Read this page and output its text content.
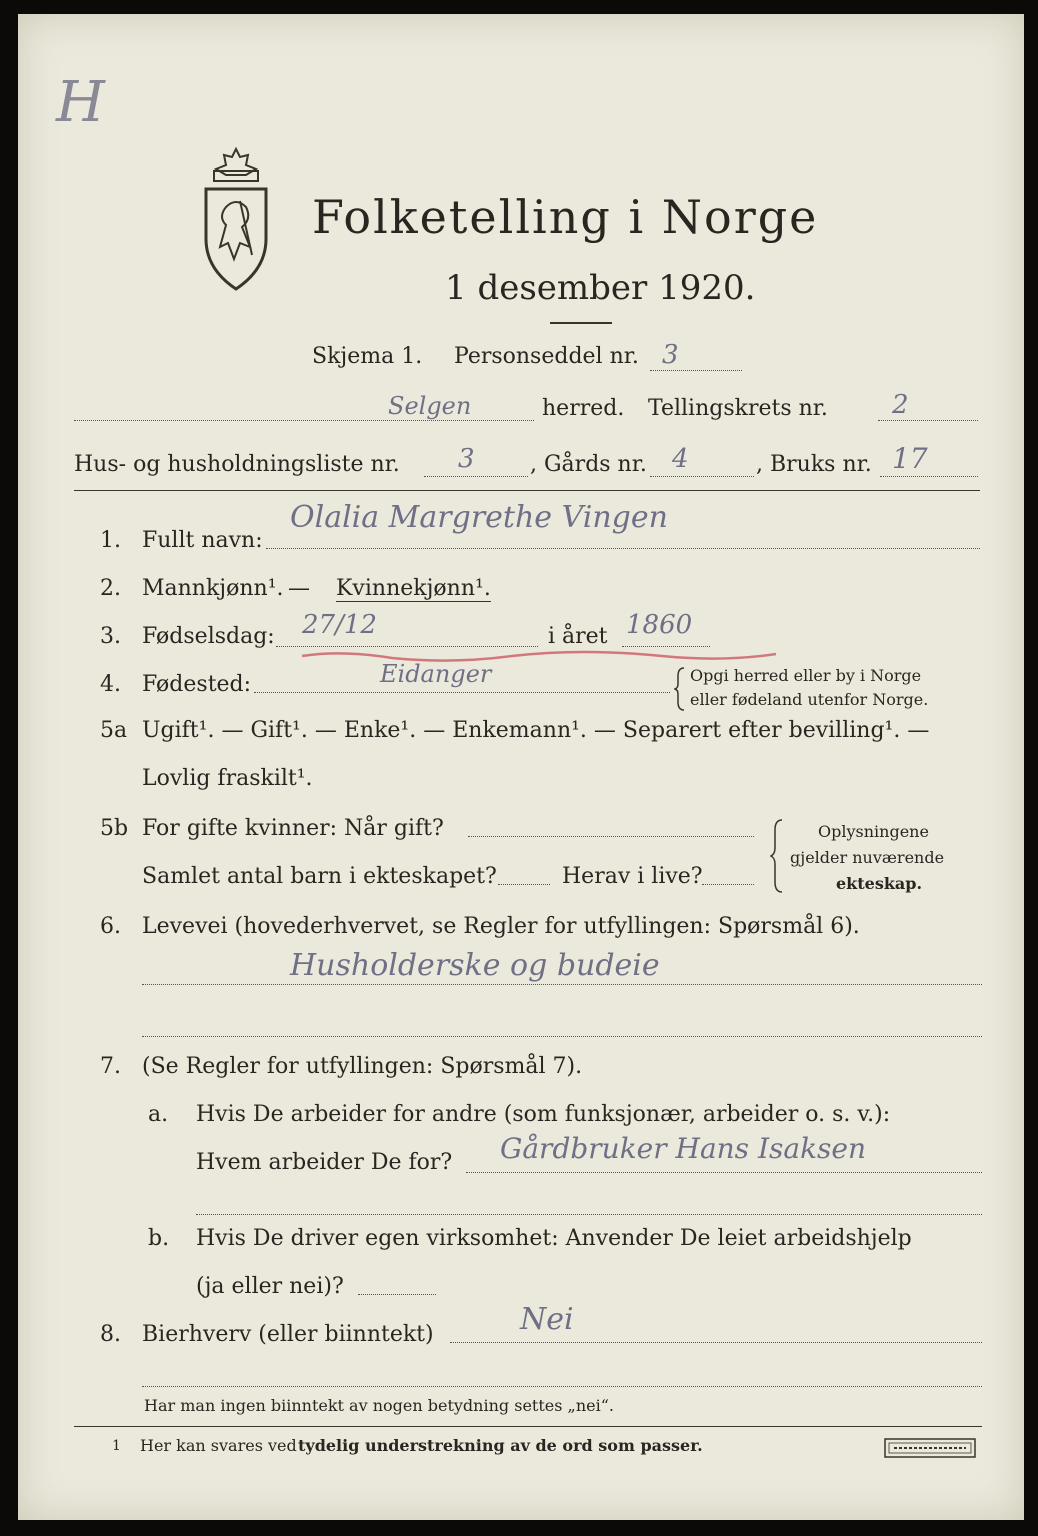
H
Folketelling i Norge
1 desember 1920.
Skjema 1. Personseddel nr. 3
Selgen	herred. Tellingskrets nr. 2
Hus- og husholdningsliste nr. 3	, Gårds nr. 4	, Bruks nr. 17
1. Fullt navn:
Olalia Margrethe Vingen
2. Mannkjønn¹. — Kvinnekjønn¹.
3. Fødselsdag: 27/12	i året 1860
4. Fødested:	Eidanger	Opgi herred eller by i Norge
eller fødeland utenfor Norge.
5a Ugift¹. — Gift¹. — Enke¹. — Enkemann¹. — Separert efter bevilling¹. —
Lovlig fraskilt¹.
5b For gifte kvinner: Når gift?
Samlet antal barn i ekteskapet?	Herav i live?
Oplysningene
gjelder nuværende
ekteskap.
6. Levevei (hovederhvervet, se Regler for utfyllingen: Spørsmål 6).
Husholderske og budeie
7. (Se Regler for utfyllingen: Spørsmål 7).
a. Hvis De arbeider for andre (som funksjonær, arbeider o. s. v.):
Hvem arbeider De for? Gårdbruker Hans Isaksen
b. Hvis De driver egen virksomhet: Anvender De leiet arbeidshjelp
(ja eller nei)?
8. Bierhverv (eller biinntekt)	Nei
Har man ingen biinntekt av nogen betydning settes „nei“.
1 Her kan svares ved tydelig understrekning av de ord som passer.
